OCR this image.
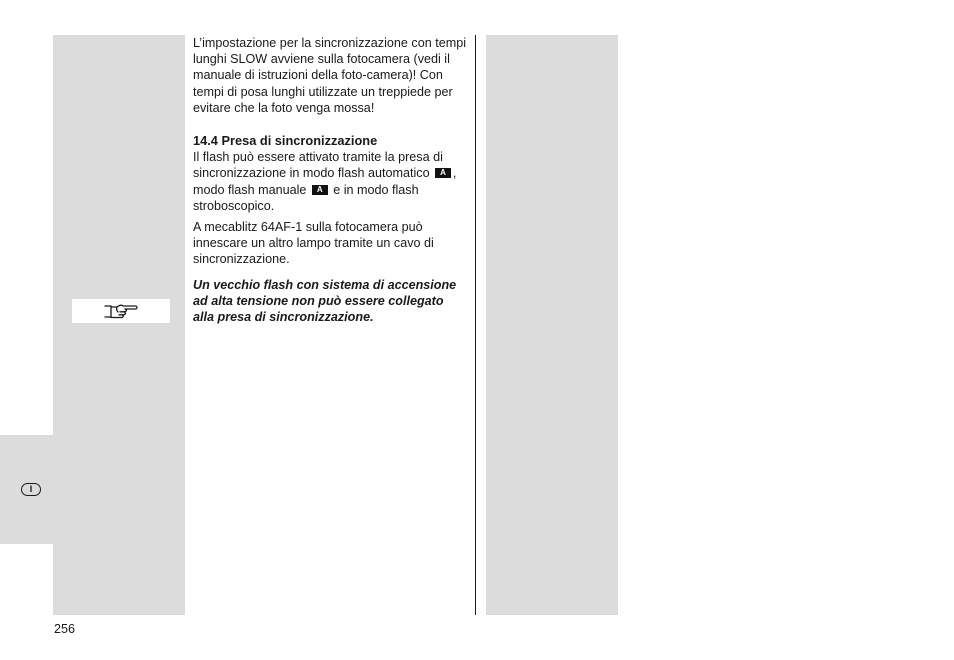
I

L’impostazione per la sincronizzazione con tempi lunghi SLOW avviene sulla fotocamera (vedi il manuale di istruzioni della foto-camera)! Con tempi di posa lunghi utilizzate un treppiede per evitare che la foto venga mossa!

14.4 Presa di sincronizzazione

Il flash può essere attivato tramite la presa di sincronizzazione in modo flash automatico A , modo flash manuale A e in modo flash stroboscopico.

A mecablitz 64AF-1 sulla fotocamera può innescare un altro lampo tramite un cavo di sincronizzazione.

Un vecchio flash con sistema di accensione ad alta tensione non può essere collegato alla presa di sincronizzazione.

256
